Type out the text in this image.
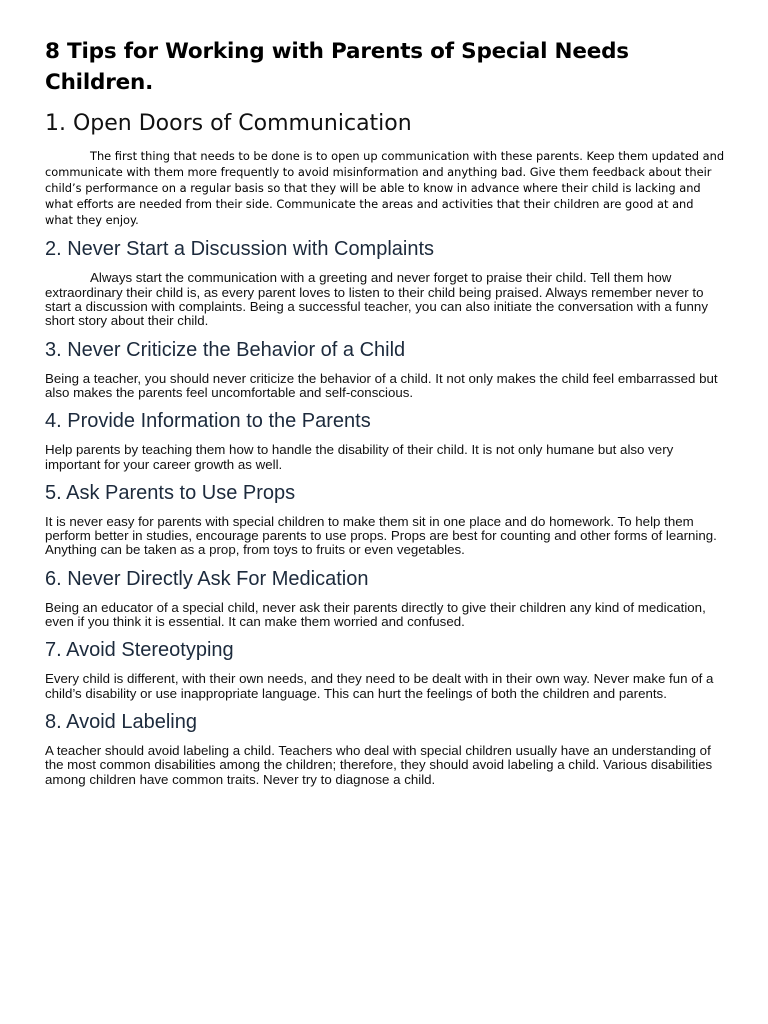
8 Tips for Working with Parents of Special Needs Children.
1. Open Doors of Communication

The first thing that needs to be done is to open up communication with these parents. Keep them updated and communicate with them more frequently to avoid misinformation and anything bad. Give them feedback about their child’s performance on a regular basis so that they will be able to know in advance where their child is lacking and what efforts are needed from their side. Communicate the areas and activities that their children are good at and what they enjoy.

2. Never Start a Discussion with Complaints

Always start the communication with a greeting and never forget to praise their child. Tell them how extraordinary their child is, as every parent loves to listen to their child being praised. Always remember never to start a discussion with complaints. Being a successful teacher, you can also initiate the conversation with a funny short story about their child.

3. Never Criticize the Behavior of a Child

Being a teacher, you should never criticize the behavior of a child. It not only makes the child feel embarrassed but also makes the parents feel uncomfortable and self-conscious.

4. Provide Information to the Parents

Help parents by teaching them how to handle the disability of their child. It is not only humane but also very important for your career growth as well.

5. Ask Parents to Use Props

It is never easy for parents with special children to make them sit in one place and do homework. To help them perform better in studies, encourage parents to use props. Props are best for counting and other forms of learning. Anything can be taken as a prop, from toys to fruits or even vegetables.

6. Never Directly Ask For Medication

Being an educator of a special child, never ask their parents directly to give their children any kind of medication, even if you think it is essential. It can make them worried and confused.

7. Avoid Stereotyping

Every child is different, with their own needs, and they need to be dealt with in their own way. Never make fun of a child’s disability or use inappropriate language. This can hurt the feelings of both the children and parents.

8. Avoid Labeling

A teacher should avoid labeling a child. Teachers who deal with special children usually have an understanding of the most common disabilities among the children; therefore, they should avoid labeling a child. Various disabilities among children have common traits. Never try to diagnose a child.
